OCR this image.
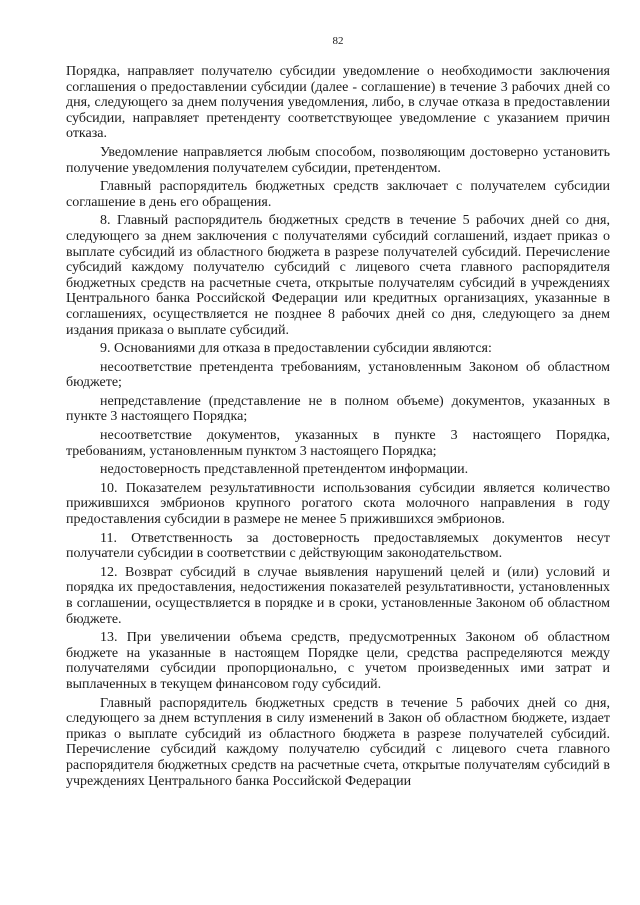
82

Порядка, направляет получателю субсидии уведомление о необходимости заключения соглашения о предоставлении субсидии (далее - соглашение) в течение 3 рабочих дней со дня, следующего за днем получения уведомления, либо, в случае отказа в предоставлении субсидии, направляет претенденту соответствующее уведомление с указанием причин отказа.

Уведомление направляется любым способом, позволяющим достоверно установить получение уведомления получателем субсидии, претендентом.

Главный распорядитель бюджетных средств заключает с получателем субсидии соглашение в день его обращения.

8. Главный распорядитель бюджетных средств в течение 5 рабочих дней со дня, следующего за днем заключения с получателями субсидий соглашений, издает приказ о выплате субсидий из областного бюджета в разрезе получателей субсидий. Перечисление субсидий каждому получателю субсидий с лицевого счета главного распорядителя бюджетных средств на расчетные счета, открытые получателям субсидий в учреждениях Центрального банка Российской Федерации или кредитных организациях, указанные в соглашениях, осуществляется не позднее 8 рабочих дней со дня, следующего за днем издания приказа о выплате субсидий.

9. Основаниями для отказа в предоставлении субсидии являются:

несоответствие претендента требованиям, установленным Законом об областном бюджете;

непредставление (представление не в полном объеме) документов, указанных в пункте 3 настоящего Порядка;

несоответствие документов, указанных в пункте 3 настоящего Порядка, требованиям, установленным пунктом 3 настоящего Порядка;

недостоверность представленной претендентом информации.

10. Показателем результативности использования субсидии является количество прижившихся эмбрионов крупного рогатого скота молочного направления в году предоставления субсидии в размере не менее 5 прижившихся эмбрионов.

11. Ответственность за достоверность предоставляемых документов несут получатели субсидии в соответствии с действующим законодательством.

12. Возврат субсидий в случае выявления нарушений целей и (или) условий и порядка их предоставления, недостижения показателей результативности, установленных в соглашении, осуществляется в порядке и в сроки, установленные Законом об областном бюджете.

13. При увеличении объема средств, предусмотренных Законом об областном бюджете на указанные в настоящем Порядке цели, средства распределяются между получателями субсидии пропорционально, с учетом произведенных ими затрат и выплаченных в текущем финансовом году субсидий.

Главный распорядитель бюджетных средств в течение 5 рабочих дней со дня, следующего за днем вступления в силу изменений в Закон об областном бюджете, издает приказ о выплате субсидий из областного бюджета в разрезе получателей субсидий. Перечисление субсидий каждому получателю субсидий с лицевого счета главного распорядителя бюджетных средств на расчетные счета, открытые получателям субсидий в учреждениях Центрального банка Российской Федерации
